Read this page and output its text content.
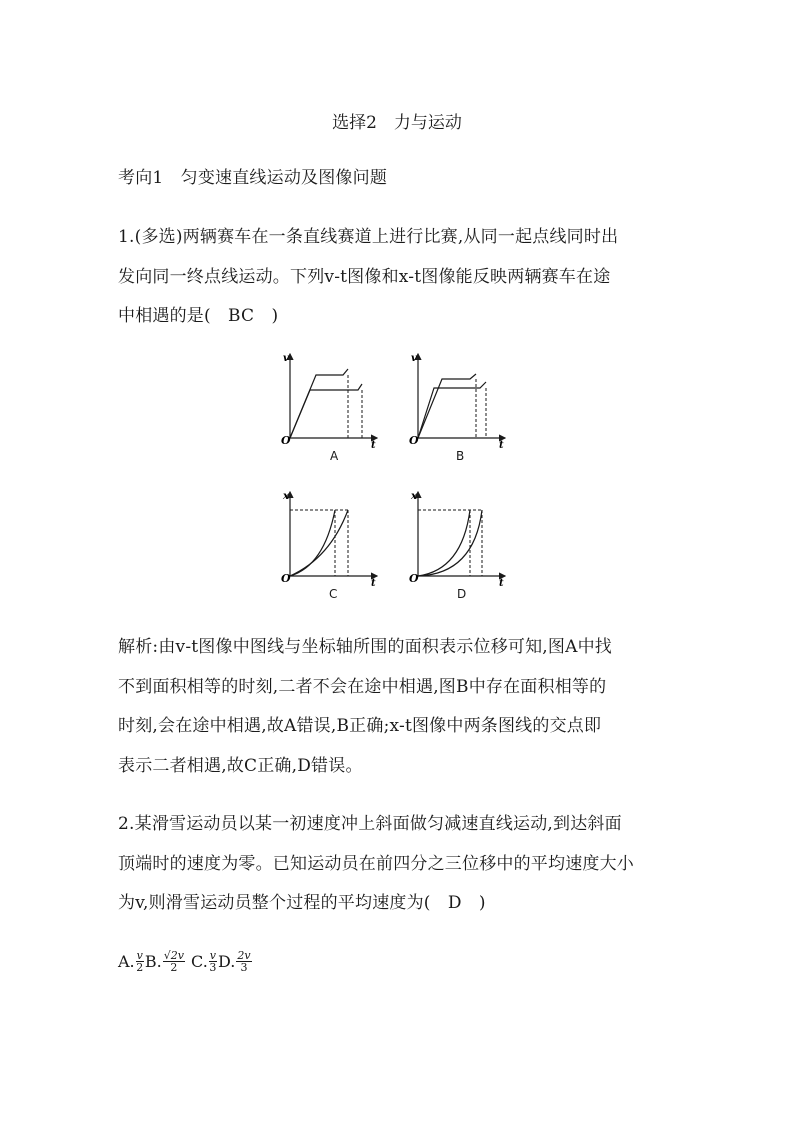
选择2　力与运动
考向1　匀变速直线运动及图像问题
1.(多选)两辆赛车在一条直线赛道上进行比赛,从同一起点线同时出
发向同一终点线运动。下列v-t图像和x-t图像能反映两辆赛车在途
中相遇的是(　BC　)
v
O	t
A
v
O	t
B
x
O	t
C
x
O	t
D
解析:由v-t图像中图线与坐标轴所围的面积表示位移可知,图A中找
不到面积相等的时刻,二者不会在途中相遇,图B中存在面积相等的
时刻,会在途中相遇,故A错误,B正确;x-t图像中两条图线的交点即
表示二者相遇,故C正确,D错误。
2.某滑雪运动员以某一初速度冲上斜面做匀减速直线运动,到达斜面
顶端时的速度为零。已知运动员在前四分之三位移中的平均速度大小
为v,则滑雪运动员整个过程的平均速度为(　D　)
A. $\frac{v}{2} B$. $\frac{√2v}{2} C$. $\frac{v}{3} D$. $\frac{2v}{3}$
